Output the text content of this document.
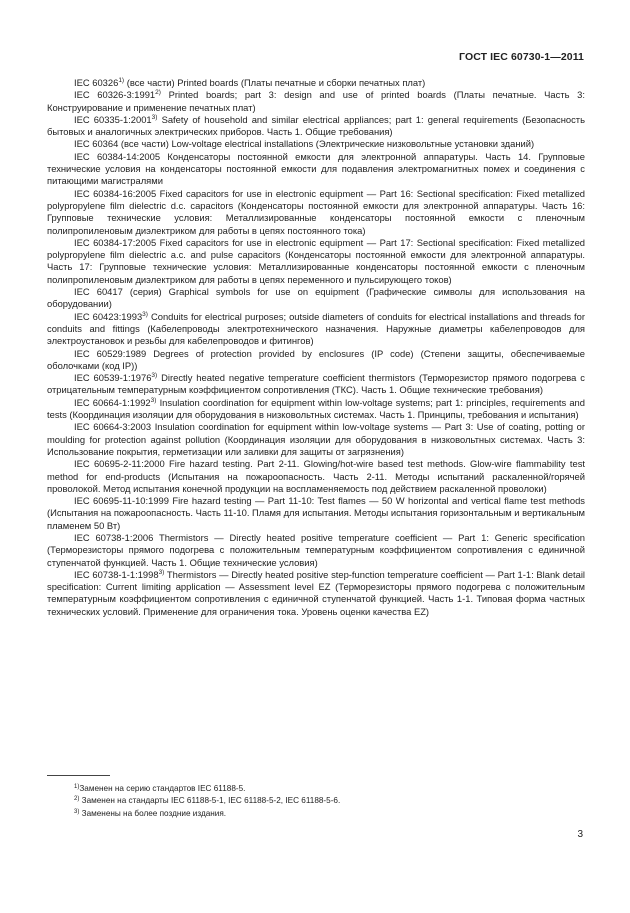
ГОСТ IEC 60730-1—2011

IEC 60326$^{1)}$ (все части) Printed boards (Платы печатные и сборки печатных плат)

IEC 60326-3:1991$^{2)}$ Printed boards; part 3: design and use of printed boards (Платы печатные. Часть 3: Конструирование и применение печатных плат)

IEC 60335-1:2001$^{3)}$ Safety of household and similar electrical appliances; part 1: general requirements (Безопасность бытовых и аналогичных электрических приборов. Часть 1. Общие требования)

IEC 60364 (все части) Low-voltage electrical installations (Электрические низковольтные установки зданий)

IEC 60384-14:2005 Конденсаторы постоянной емкости для электронной аппаратуры. Часть 14. Групповые технические условия на конденсаторы постоянной емкости для подавления электромагнитных помех и соединения с питающими магистралями

IEC 60384-16:2005 Fixed capacitors for use in electronic equipment — Part 16: Sectional specification: Fixed metallized polypropylene film dielectric d.c. capacitors (Конденсаторы постоянной емкости для электронной аппаратуры. Часть 16: Групповые технические условия: Металлизированные конденсаторы постоянной емкости с пленочным полипропиленовым диэлектриком для работы в цепях постоянного тока)

IEC 60384-17:2005 Fixed capacitors for use in electronic equipment — Part 17: Sectional specification: Fixed metallized polypropylene film dielectric a.c. and pulse capacitors (Конденсаторы постоянной емкости для электронной аппаратуры. Часть 17: Групповые технические условия: Металлизированные конденсаторы постоянной емкости с пленочным полипропиленовым диэлектриком для работы в цепях переменного и пульсирующего токов)

IEC 60417 (серия) Graphical symbols for use on equipment (Графические символы для использования на оборудовании)

IEC 60423:1993$^{3)}$ Conduits for electrical purposes; outside diameters of conduits for electrical installations and threads for conduits and fittings (Кабелепроводы электротехнического назначения. Наружные диаметры кабелепроводов для электроустановок и резьбы для кабелепроводов и фитингов)

IEC 60529:1989 Degrees of protection provided by enclosures (IP code) (Степени защиты, обеспечиваемые оболочками (код IP))

IEC 60539-1:1976$^{3)}$ Directly heated negative temperature coefficient thermistors (Терморезистор прямого подогрева с отрицательным температурным коэффициентом сопротивления (ТКС). Часть 1. Общие технические требования)

IEC 60664-1:1992$^{3)}$ Insulation coordination for equipment within low-voltage systems; part 1: principles, requirements and tests (Координация изоляции для оборудования в низковольтных системах. Часть 1. Принципы, требования и испытания)

IEC 60664-3:2003 Insulation coordination for equipment within low-voltage systems — Part 3: Use of coating, potting or moulding for protection against pollution (Координация изоляции для оборудования в низковольтных системах. Часть 3: Использование покрытия, герметизации или заливки для защиты от загрязнения)

IEC 60695-2-11:2000 Fire hazard testing. Part 2-11. Glowing/hot-wire based test methods. Glow-wire flammability test method for end-products (Испытания на пожароопасность. Часть 2-11. Методы испытаний раскаленной/горячей проволокой. Метод испытания конечной продукции на воспламеняемость под действием раскаленной проволоки)

IEC 60695-11-10:1999 Fire hazard testing — Part 11-10: Test flames — 50 W horizontal and vertical flame test methods (Испытания на пожароопасность. Часть 11-10. Пламя для испытания. Методы испытания горизонтальным и вертикальным пламенем 50 Вт)

IEC 60738-1:2006 Thermistors — Directly heated positive temperature coefficient — Part 1: Generic specification (Терморезисторы прямого подогрева с положительным температурным коэффициентом сопротивления с единичной ступенчатой функцией. Часть 1. Общие технические условия)

IEC 60738-1-1:1998$^{3)}$ Thermistors — Directly heated positive step-function temperature coefficient — Part 1-1: Blank detail specification: Current limiting application — Assessment level EZ (Терморезисторы прямого подогрева с положительным температурным коэффициентом сопротивления с единичной ступенчатой функцией. Часть 1-1. Типовая форма частных технических условий. Применение для ограничения тока. Уровень оценки качества EZ)

$^{1)}$Заменен на серию стандартов IEC 61188-5.
$^{2)}$ Заменен на стандарты IEC 61188-5-1, IEC 61188-5-2, IEC 61188-5-6.
$^{3)}$ Заменены на более поздние издания.
3
